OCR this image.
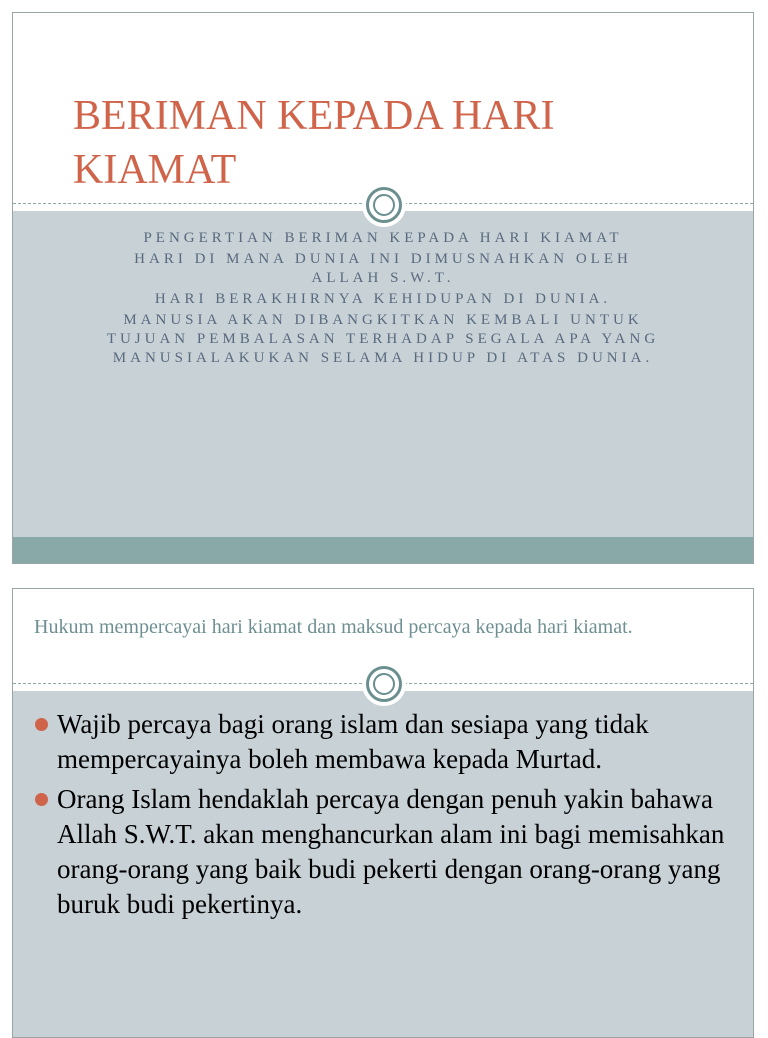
BERIMAN KEPADA HARI KIAMAT
PENGERTIAN BERIMAN KEPADA HARI KIAMAT
HARI DI MANA DUNIA INI DIMUSNAHKAN OLEH ALLAH S.W.T.
HARI BERAKHIRNYA KEHIDUPAN DI DUNIA.
MANUSIA AKAN DIBANGKITKAN KEMBALI UNTUK TUJUAN PEMBALASAN TERHADAP SEGALA APA YANG MANUSIALAKUKAN SELAMA HIDUP DI ATAS DUNIA.
Hukum mempercayai hari kiamat dan maksud percaya kepada hari kiamat.
Wajib percaya bagi orang islam dan sesiapa yang tidak mempercayainya boleh membawa kepada Murtad.
Orang Islam hendaklah percaya dengan penuh yakin bahawa Allah S.W.T. akan menghancurkan alam ini bagi memisahkan orang-orang yang baik budi pekerti dengan orang-orang yang buruk budi pekertinya.
